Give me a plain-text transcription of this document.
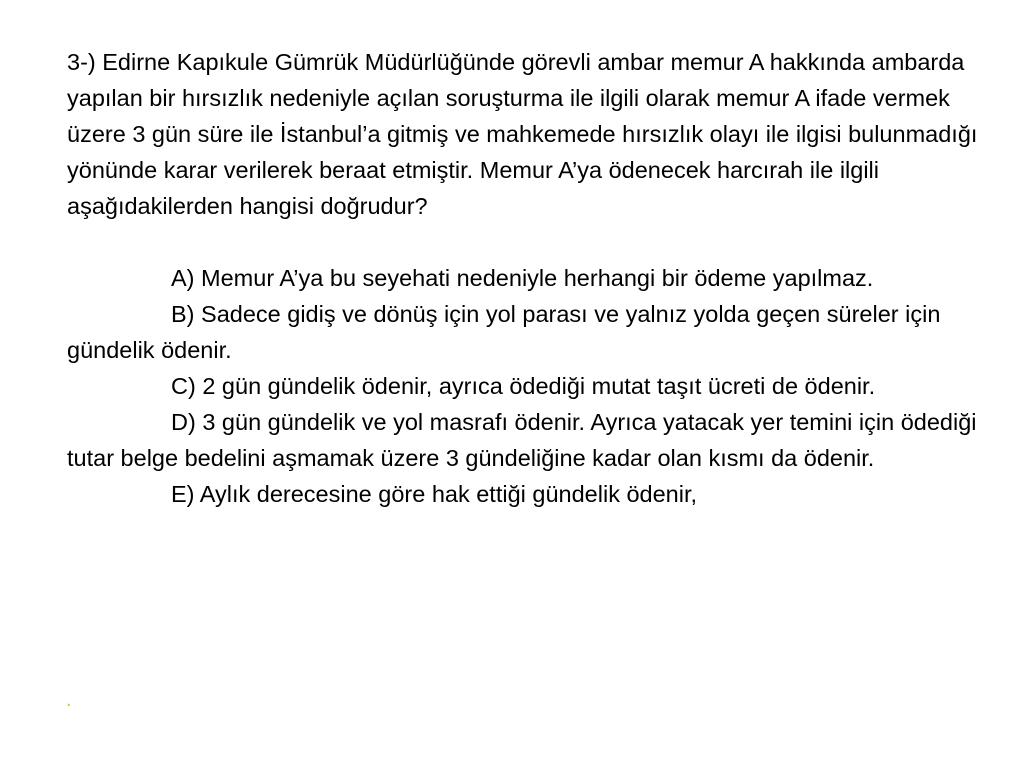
3-) Edirne Kapıkule Gümrük Müdürlüğünde görevli ambar memur A hakkında ambarda yapılan bir hırsızlık nedeniyle açılan soruşturma ile ilgili olarak memur A ifade vermek üzere 3 gün süre ile İstanbul’a gitmiş ve mahkemede hırsızlık olayı ile ilgisi bulunmadığı yönünde karar verilerek beraat etmiştir. Memur A’ya ödenecek harcırah ile ilgili aşağıdakilerden hangisi doğrudur?

A) Memur A’ya bu seyehati nedeniyle herhangi bir ödeme yapılmaz.

B) Sadece gidiş ve dönüş için yol parası ve yalnız yolda geçen süreler için gündelik ödenir.

C) 2 gün gündelik ödenir, ayrıca ödediği mutat taşıt ücreti de ödenir.

D) 3 gün gündelik ve yol masrafı ödenir. Ayrıca yatacak yer temini için ödediği tutar belge bedelini aşmamak üzere 3 gündeliğine kadar olan kısmı da ödenir.

E) Aylık derecesine göre hak ettiği gündelik ödenir,

.
